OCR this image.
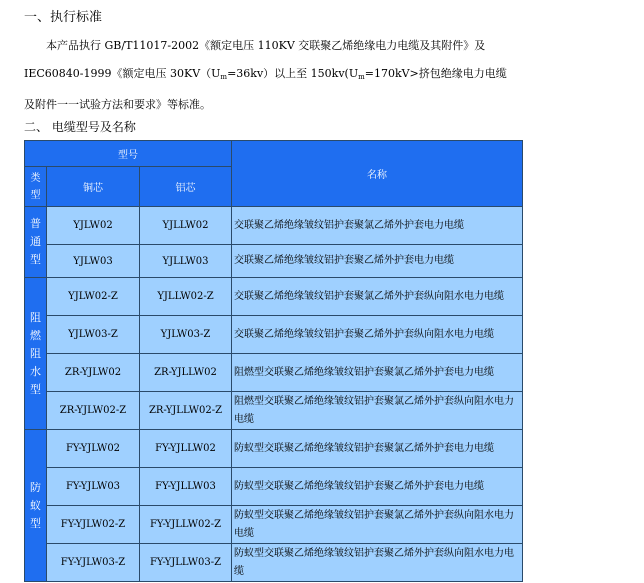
一、执行标准
本产品执行 GB/T11017-2002《额定电压 110KV 交联聚乙烯绝缘电力电缆及其附件》及
IEC60840-1999《额定电压 $30KV(U_m=36kv)$以上至 $150kv(U_m=170kV>$挤包绝缘电力电缆
及附件一一试验方法和要求》等标准。
二、 电缆型号及名称
型号			名称
类
型	铜芯	铝芯	
普
通
型	YJLW02	YJLLW02	交联聚乙烯绝缘皱纹铝护套聚氯乙烯外护套电力电缆
	YJLW03	YJLLW03	交联聚乙烯绝缘皱纹铝护套聚乙烯外护套电力电缆
阻
燃
阻
水
型	YJLW02-Z	YJLLW02-Z	交联聚乙烯绝缘皱纹铝护套聚氯乙烯外护套纵向阻水电力电缆
	YJLW03-Z	YJLW03-Z	交联聚乙烯绝缘皱纹铝护套聚乙烯外护套纵向阻水电力电缆
	ZR-YJLW02	ZR-YJLLW02	阻燃型交联聚乙烯绝缘皱纹铝护套聚氯乙烯外护套电力电缆
	ZR-YJLW02-Z	ZR-YJLLW02-Z	阻燃型交联聚乙烯绝缘皱纹铝护套聚氯乙烯外护套纵向阻水电力电缆
防
蚁
型	FY-YJLW02	FY-YJLLW02	防蚁型交联聚乙烯绝缘皱纹铝护套聚氯乙烯外护套电力电缆
	FY-YJLW03	FY-YJLLW03	防蚁型交联聚乙烯绝缘皱纹铝护套聚乙烯外护套电力电缆
	FY-YJLW02-Z	FY-YJLLW02-Z	防蚁型交联聚乙烯绝缘皱纹铝护套聚氯乙烯外护套纵向阻水电力电缆
	FY-YJLW03-Z	FY-YJLLW03-Z	防蚁型交联聚乙烯绝缘皱纹铝护套聚乙烯外护套纵向阻水电力电缆
